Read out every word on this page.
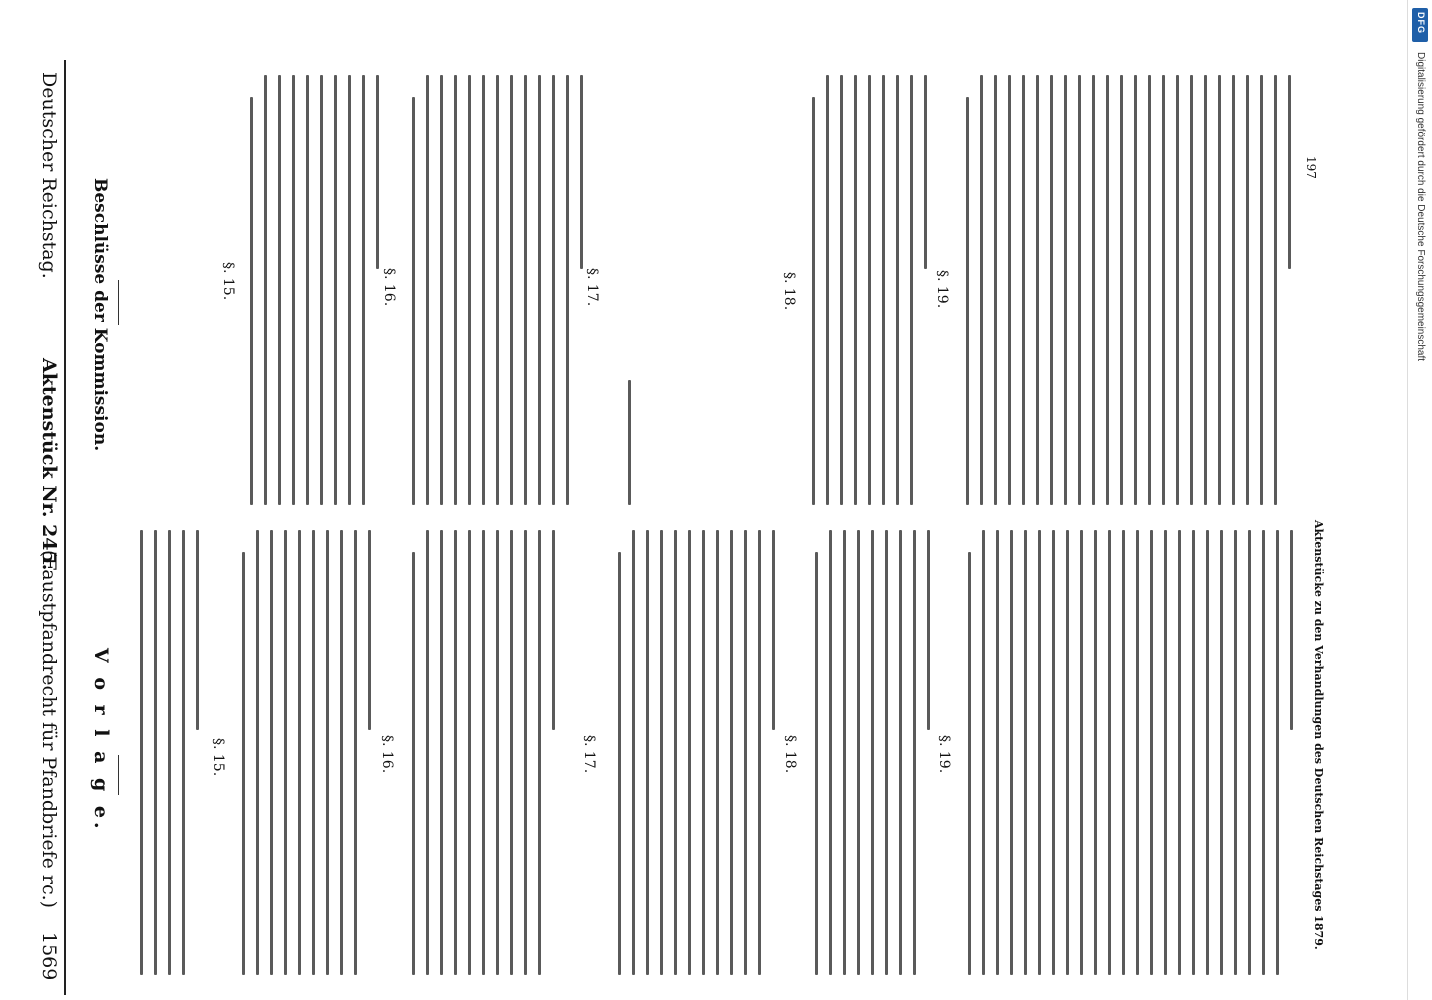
Deutscher Reichstag.
Aktenstück Nr. 245.
(Faustpfandrecht für Pfandbriefe rc.)
1569
V o r l a g e.
Beschlüsse der Kommission.
§. 15.	§. 16.	§. 17.	§. 18.	§. 19.
§. 15.	§. 16.	§. 17.	§. 18.	§. 19.
Aktenstücke zu den Verhandlungen des Deutschen Reichstages 1879.
197
DFG
Digitalisierung gefördert durch die Deutsche Forschungsgemeinschaft
